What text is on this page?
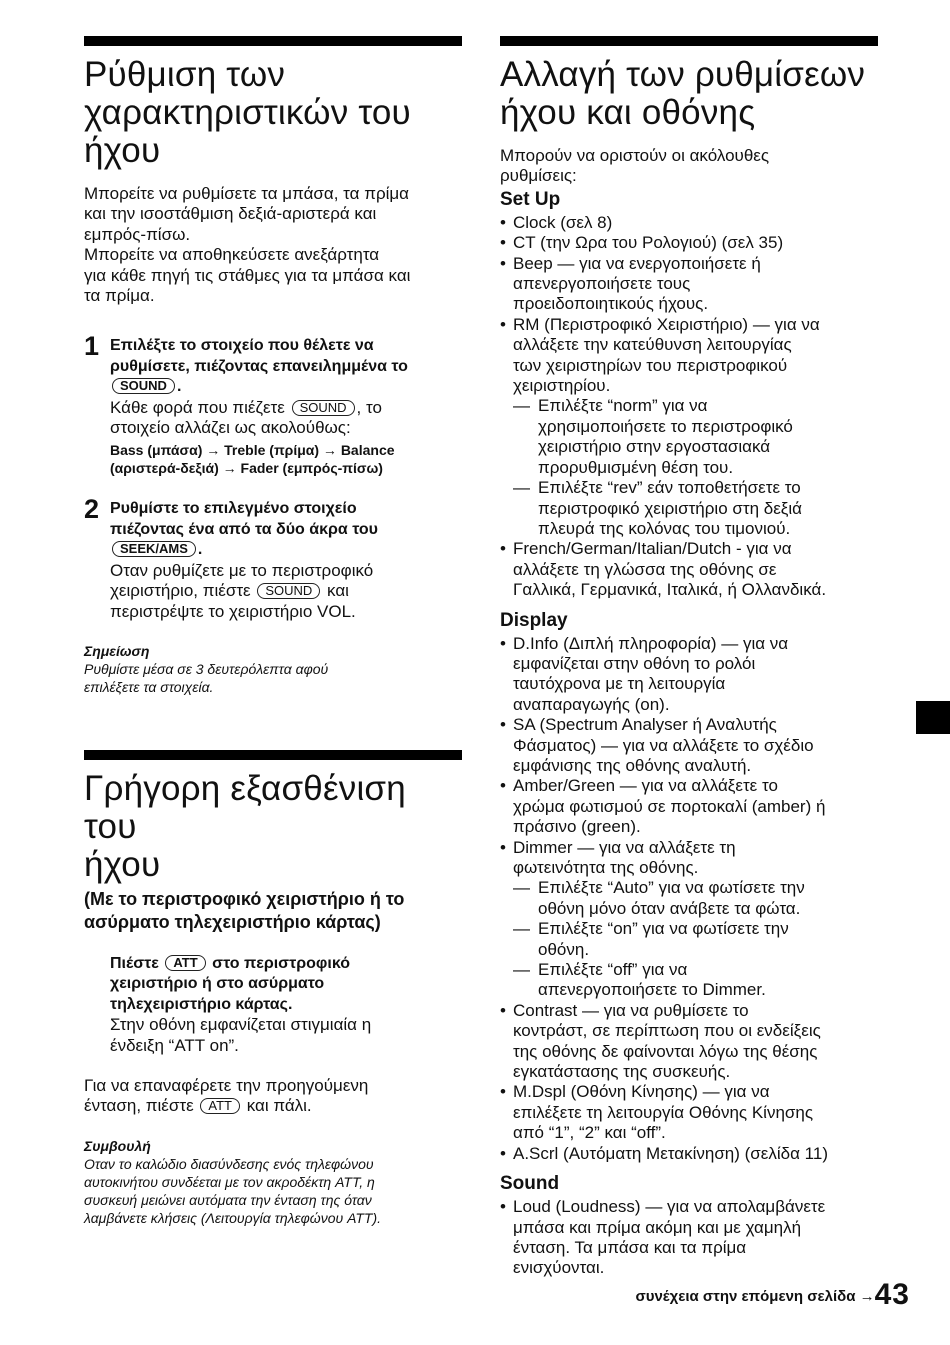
Ρύθμιση των
χαρακτηριστικών του
ήχου
Μπορείτε να ρυθμίσετε τα μπάσα, τα πρίμα
και την ισοστάθμιση δεξιά-αριστερά και
εμπρός-πίσω.
Μπορείτε να αποθηκεύσετε ανεξάρτητα
για κάθε πηγή τις στάθμες για τα μπάσα και
τα πρίμα.
1 Επιλέξτε το στοιχείο που θέλετε να
ρυθμίσετε, πιέζοντας επανειλημμένα το
SOUND .
Κάθε φορά που πιέζετε SOUND , το
στοιχείο αλλάζει ως ακολούθως:
Bass (μπάσα) → Treble (πρίμα) → Balance
(αριστερά-δεξιά) → Fader (εμπρός-πίσω)
2 Ρυθμίστε το επιλεγμένο στοιχείο
πιέζοντας ένα από τα δύο άκρα του
SEEK/AMS .
Οταν ρυθμίζετε με το περιστροφικό
χειριστήριο, πιέστε SOUND και
περιστρέψτε το χειριστήριο VOL.
Σημείωση
Ρυθμίστε μέσα σε 3 δευτερόλεπτα αφού
επιλέξετε τα στοιχεία.
Γρήγορη εξασθένιση του
ήχου
(Με το περιστροφικό χειριστήριο ή το
ασύρματο τηλεχειριστήριο κάρτας)
Πιέστε ATT στο περιστροφικό
χειριστήριο ή στο ασύρματο
τηλεχειριστήριο κάρτας.
Στην οθόνη εμφανίζεται στιγμιαία η
ένδειξη “ATT on”.
Για να επαναφέρετε την προηγούμενη
ένταση, πιέστε ATT και πάλι.
Συμβουλή
Οταν το καλώδιο διασύνδεσης ενός τηλεφώνου
αυτοκινήτου συνδέεται με τον ακροδέκτη ATT, η
συσκευή μειώνει αυτόματα την ένταση της όταν
λαμβάνετε κλήσεις (Λειτουργία τηλεφώνου ATT).
Αλλαγή των ρυθμίσεων
ήχου και οθόνης
Μπορούν να οριστούν οι ακόλουθες
ρυθμίσεις:
Set Up
• Clock (σελ 8)
• CT (την Ωρα του Ρολογιού) (σελ 35)
• Beep — για να ενεργοποιήσετε ή
απενεργοποιήσετε τους
προειδοποιητικούς ήχους.
• RM (Περιστροφικό Χειριστήριο) — για να
αλλάξετε την κατεύθυνση λειτουργίας
των χειριστηρίων του περιστροφικού
χειριστηρίου.
— Επιλέξτε “norm” για να
χρησιμοποιήσετε το περιστροφικό
χειριστήριο στην εργοστασιακά
προρυθμισμένη θέση του.
— Επιλέξτε “rev” εάν τοποθετήσετε το
περιστροφικό χειριστήριο στη δεξιά
πλευρά της κολόνας του τιμονιού.
• French/German/Italian/Dutch - για να
αλλάξετε τη γλώσσα της οθόνης σε
Γαλλικά, Γερμανικά, Ιταλικά, ή Ολλανδικά.
Display
• D.Info (Διπλή πληροφορία) — για να
εμφανίζεται στην οθόνη το ρολόι
ταυτόχρονα με τη λειτουργία
αναπαραγωγής (on).
• SA (Spectrum Analyser ή Αναλυτής
Φάσματος) — για να αλλάξετε το σχέδιο
εμφάνισης της οθόνης αναλυτή.
• Amber/Green — για να αλλάξετε το
χρώμα φωτισμού σε πορτοκαλί (amber) ή
πράσινο (green).
• Dimmer — για να αλλάξετε τη
φωτεινότητα της οθόνης.
— Επιλέξτε “Auto” για να φωτίσετε την
οθόνη μόνο όταν ανάβετε τα φώτα.
— Επιλέξτε “on” για να φωτίσετε την
οθόνη.
— Επιλέξτε “off” για να
απενεργοποιήσετε το Dimmer.
• Contrast — για να ρυθμίσετε το
κοντράστ, σε περίπτωση που οι ενδείξεις
της οθόνης δε φαίνονται λόγω της θέσης
εγκατάστασης της συσκευής.
• M.Dspl (Οθόνη Κίνησης) — για να
επιλέξετε τη λειτουργία Οθόνης Κίνησης
από “1”, “2” και “off”.
• A.Scrl (Αυτόματη Μετακίνηση) (σελίδα 11)
Sound
• Loud (Loudness) — για να απολαμβάνετε
μπάσα και πρίμα ακόμη και με χαμηλή
ένταση. Τα μπάσα και τα πρίμα
ενισχύονται.
συνέχεια στην επόμενη σελίδα →43
